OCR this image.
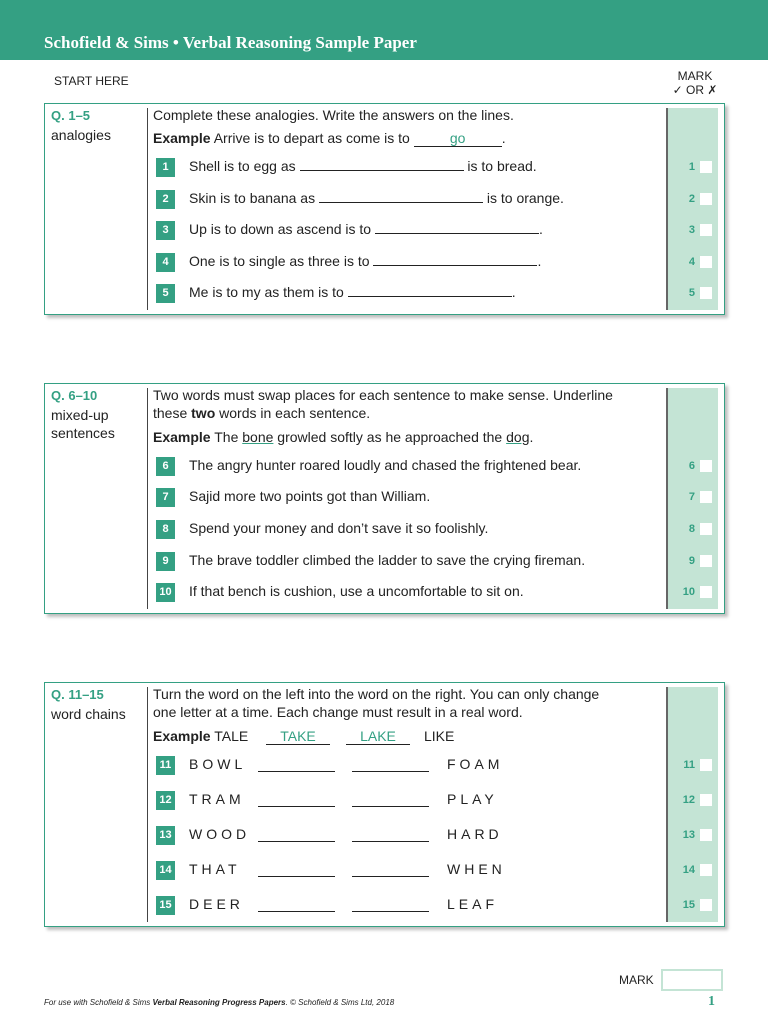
Schofield & Sims • Verbal Reasoning Sample Paper
START HERE	MARK
✓ OR ✗
Q. 1–5
analogies
Complete these analogies. Write the answers on the lines.
Example Arrive is to depart as come is to	go	.
1	Shell is to egg as	is to bread.	1
2	Skin is to banana as	is to orange.	2
3	Up is to down as ascend is to	.	3
4	One is to single as three is to	.	4
5	Me is to my as them is to	.	5
Q. 6–10
mixed-up
sentences
Two words must swap places for each sentence to make sense. Underline
these two words in each sentence.
Example The bone growled softly as he approached the dog.
6	The angry hunter roared loudly and chased the frightened bear.	6
7	Sajid more two points got than William.	7
8	Spend your money and don’t save it so foolishly.	8
9	The brave toddler climbed the ladder to save the crying fireman.	9
10 If that bench is cushion, use a uncomfortable to sit on.	10
Q. 11–15
word chains
Turn the word on the left into the word on the right. You can only change
one letter at a time. Each change must result in a real word.
Example TALE	TAKE	LAKE	LIKE
11 BOWL	FOAM	11
12 TRAM	PLAY	12
13 WOOD	HARD	13
14 THAT	WHEN	14
15 DEER	LEAF	15
MARK
For use with Schofield & Sims Verbal Reasoning Progress Papers. © Schofield & Sims Ltd, 2018	1
